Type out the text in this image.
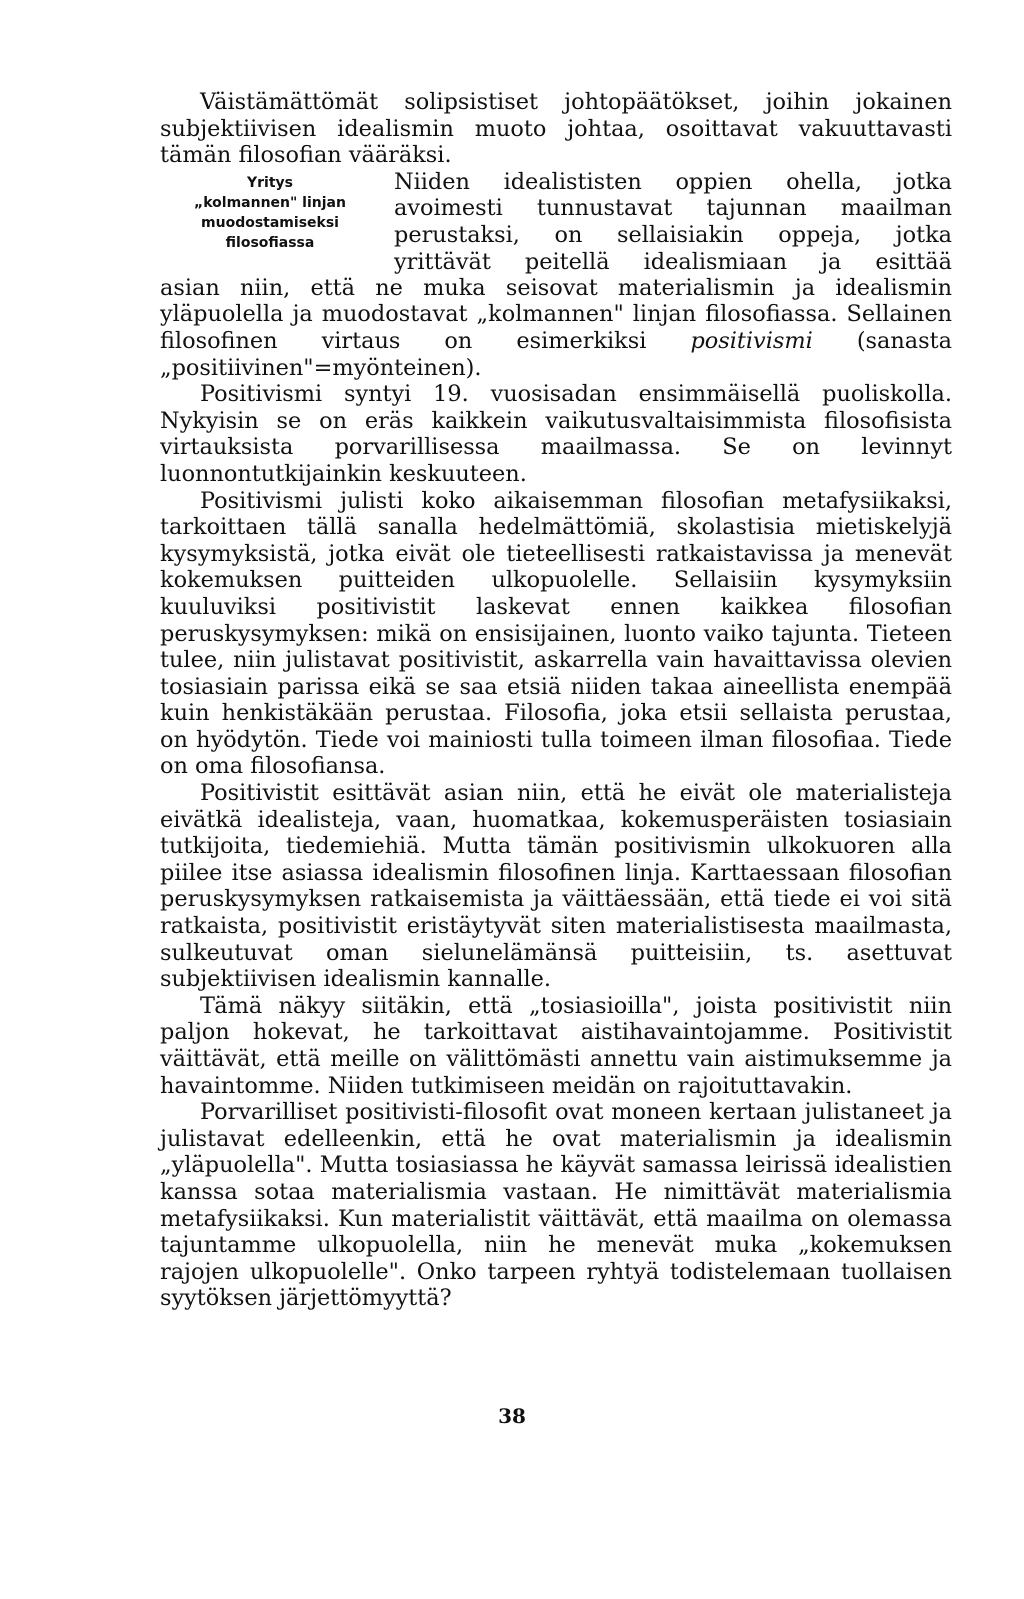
Väistämättömät solipsistiset johtopäätökset, joihin jokainen subjektiivisen idealismin muoto johtaa, osoittavat vakuuttavasti tämän filosofian vääräksi.

Yritys
„kolmannen" linjan
muodostamiseksi
filosofiassa
Niiden idealististen oppien ohella, jotka
avoimesti tunnustavat tajunnan maailman
perustaksi, on sellaisiakin oppeja, jotka
yrittävät peitellä idealismiaan ja esittää

asian niin, että ne muka seisovat materialismin ja idealismin yläpuolella ja muodostavat „kolmannen" linjan filosofiassa. Sellainen filosofinen virtaus on esimerkiksi positivismi (sanasta „positiivinen"=myönteinen).

Positivismi syntyi 19. vuosisadan ensimmäisellä puoliskolla. Nykyisin se on eräs kaikkein vaikutusvaltaisimmista filosofisista virtauksista porvarillisessa maailmassa. Se on levinnyt luonnontutkijainkin keskuuteen.

Positivismi julisti koko aikaisemman filosofian metafysiikaksi, tarkoittaen tällä sanalla hedelmättömiä, skolastisia mietiskelyjä kysymyksistä, jotka eivät ole tieteellisesti ratkaistavissa ja menevät kokemuksen puitteiden ulkopuolelle. Sellaisiin kysymyksiin kuuluviksi positivistit laskevat ennen kaikkea filosofian peruskysymyksen: mikä on ensisijainen, luonto vaiko tajunta. Tieteen tulee, niin julistavat positivistit, askarrella vain havaittavissa olevien tosiasiain parissa eikä se saa etsiä niiden takaa aineellista enempää kuin henkistäkään perustaa. Filosofia, joka etsii sellaista perustaa, on hyödytön. Tiede voi mainiosti tulla toimeen ilman filosofiaa. Tiede on oma filosofiansa.

Positivistit esittävät asian niin, että he eivät ole materialisteja eivätkä idealisteja, vaan, huomatkaa, kokemusperäisten tosiasiain tutkijoita, tiedemiehiä. Mutta tämän positivismin ulkokuoren alla piilee itse asiassa idealismin filosofinen linja. Karttaessaan filosofian peruskysymyksen ratkaisemista ja väittäessään, että tiede ei voi sitä ratkaista, positivistit eristäytyvät siten materialistisesta maailmasta, sulkeutuvat oman sielunelämänsä puitteisiin, ts. asettuvat subjektiivisen idealismin kannalle.

Tämä näkyy siitäkin, että „tosiasioilla", joista positivistit niin paljon hokevat, he tarkoittavat aistihavaintojamme. Positivistit väittävät, että meille on välittömästi annettu vain aistimuksemme ja havaintomme. Niiden tutkimiseen meidän on rajoituttavakin.

Porvarilliset positivisti-filosofit ovat moneen kertaan julistaneet ja julistavat edelleenkin, että he ovat materialismin ja idealismin „yläpuolella". Mutta tosiasiassa he käyvät samassa leirissä idealistien kanssa sotaa materialismia vastaan. He nimittävät materialismia metafysiikaksi. Kun materialistit väittävät, että maailma on olemassa tajuntamme ulkopuolella, niin he menevät muka „kokemuksen rajojen ulkopuolelle". Onko tarpeen ryhtyä todistelemaan tuollaisen syytöksen järjettömyyttä?

38
